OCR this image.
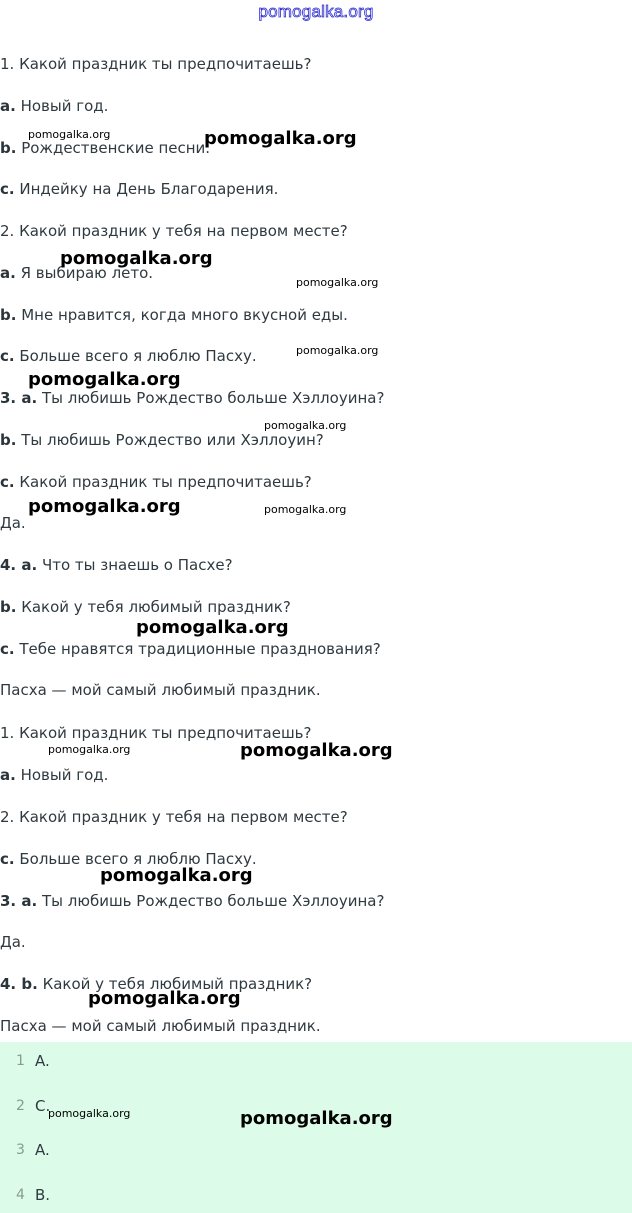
pomogalka.org
1. Какой праздник ты предпочитаешь?
a. Новый год.
b. Рождественские песни.
c. Индейку на День Благодарения.
2. Какой праздник у тебя на первом месте?
a. Я выбираю лето.
b. Мне нравится, когда много вкусной еды.
c. Больше всего я люблю Пасху.
3. a. Ты любишь Рождество больше Хэллоуина?
b. Ты любишь Рождество или Хэллоуин?
c. Какой праздник ты предпочитаешь?
Да.
4. a. Что ты знаешь о Пасхе?
b. Какой у тебя любимый праздник?
c. Тебе нравятся традиционные празднования?
Пасха — мой самый любимый праздник.
1. Какой праздник ты предпочитаешь?
a. Новый год.
2. Какой праздник у тебя на первом месте?
c. Больше всего я люблю Пасху.
3. a. Ты любишь Рождество больше Хэллоуина?
Да.
4. b. Какой у тебя любимый праздник?
Пасха — мой самый любимый праздник.
1 A.
2 C.
3 A.
4 B.
pomogalka.org	pomogalka.org
pomogalka.org
pomogalka.org
pomogalka.org
pomogalka.org
pomogalka.org
pomogalka.org	pomogalka.org
pomogalka.org
pomogalka.org	pomogalka.org
pomogalka.org
pomogalka.org
pomogalka.org	pomogalka.org
